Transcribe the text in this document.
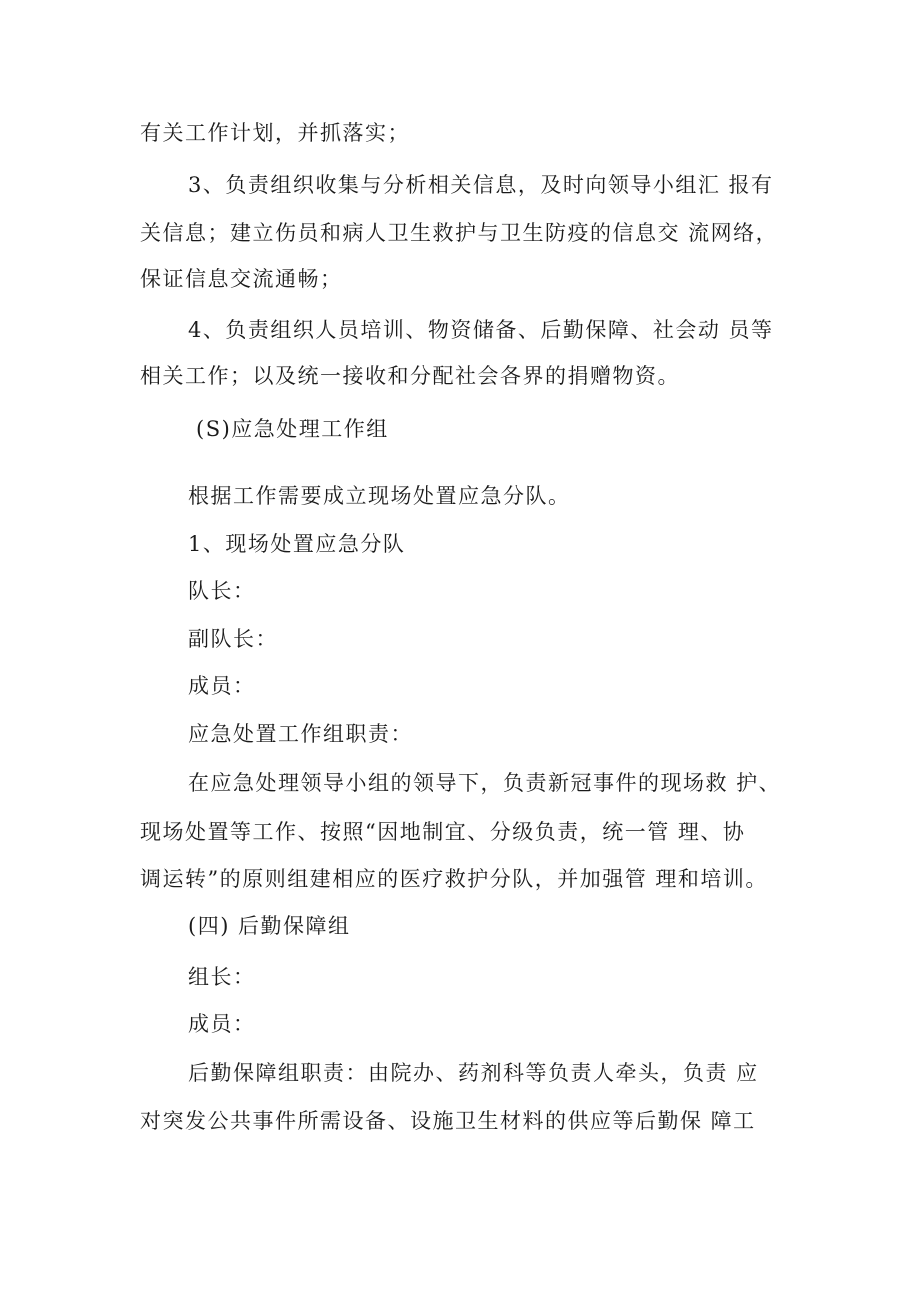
有关工作计划，并抓落实；
3、负责组织收集与分析相关信息，及时向领导小组汇 报有
关信息；建立伤员和病人卫生救护与卫生防疫的信息交 流网络，
保证信息交流通畅；
4、负责组织人员培训、物资储备、后勤保障、社会动 员等
相关工作；以及统一接收和分配社会各界的捐赠物资。
(S)应急处理工作组
根据工作需要成立现场处置应急分队。
1、现场处置应急分队
队长：
副队长：
成员：
应急处置工作组职责：
在应急处理领导小组的领导下，负责新冠事件的现场救 护、
现场处置等工作、按照“因地制宜、分级负责，统一管 理、协
调运转”的原则组建相应的医疗救护分队，并加强管 理和培训。
(四) 后勤保障组
组长：
成员：
后勤保障组职责：由院办、药剂科等负责人牵头，负责 应
对突发公共事件所需设备、设施卫生材料的供应等后勤保 障工
